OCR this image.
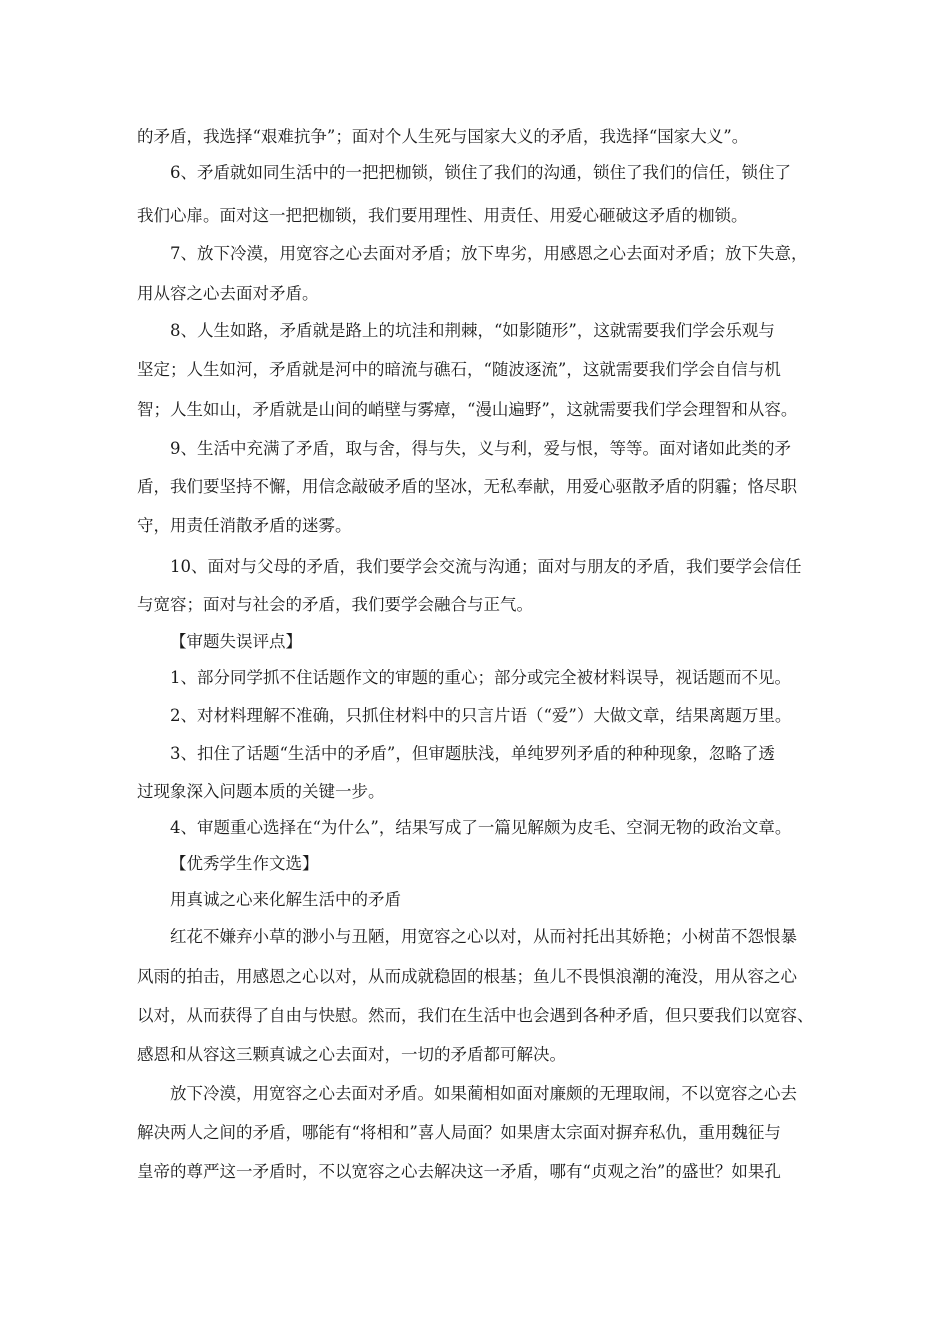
的矛盾，我选择“艰难抗争”；面对个人生死与国家大义的矛盾，我选择“国家大义”。
6、矛盾就如同生活中的一把把枷锁，锁住了我们的沟通，锁住了我们的信任，锁住了
我们心扉。面对这一把把枷锁，我们要用理性、用责任、用爱心砸破这矛盾的枷锁。
7、放下冷漠，用宽容之心去面对矛盾；放下卑劣，用感恩之心去面对矛盾；放下失意，
用从容之心去面对矛盾。
8、人生如路，矛盾就是路上的坑洼和荆棘，“如影随形”，这就需要我们学会乐观与
坚定；人生如河，矛盾就是河中的暗流与礁石，“随波逐流”，这就需要我们学会自信与机
智；人生如山，矛盾就是山间的峭壁与雾瘴，“漫山遍野”，这就需要我们学会理智和从容。
9、生活中充满了矛盾，取与舍，得与失，义与利，爱与恨，等等。面对诸如此类的矛
盾，我们要坚持不懈，用信念敲破矛盾的坚冰，无私奉献，用爱心驱散矛盾的阴霾；恪尽职
守，用责任消散矛盾的迷雾。
10、面对与父母的矛盾，我们要学会交流与沟通；面对与朋友的矛盾，我们要学会信任
与宽容；面对与社会的矛盾，我们要学会融合与正气。
【审题失误评点】
1、部分同学抓不住话题作文的审题的重心；部分或完全被材料误导，视话题而不见。
2、对材料理解不准确，只抓住材料中的只言片语（“爱”）大做文章，结果离题万里。
3、扣住了话题“生活中的矛盾”，但审题肤浅，单纯罗列矛盾的种种现象，忽略了透
过现象深入问题本质的关键一步。
4、审题重心选择在“为什么”，结果写成了一篇见解颇为皮毛、空洞无物的政治文章。
【优秀学生作文选】
用真诚之心来化解生活中的矛盾
红花不嫌弃小草的渺小与丑陋，用宽容之心以对，从而衬托出其娇艳；小树苗不怨恨暴
风雨的拍击，用感恩之心以对，从而成就稳固的根基；鱼儿不畏惧浪潮的淹没，用从容之心
以对，从而获得了自由与快慰。然而，我们在生活中也会遇到各种矛盾，但只要我们以宽容、
感恩和从容这三颗真诚之心去面对，一切的矛盾都可解决。
放下冷漠，用宽容之心去面对矛盾。如果蔺相如面对廉颇的无理取闹，不以宽容之心去
解决两人之间的矛盾，哪能有“将相和”喜人局面？如果唐太宗面对摒弃私仇，重用魏征与
皇帝的尊严这一矛盾时，不以宽容之心去解决这一矛盾，哪有“贞观之治”的盛世？如果孔
